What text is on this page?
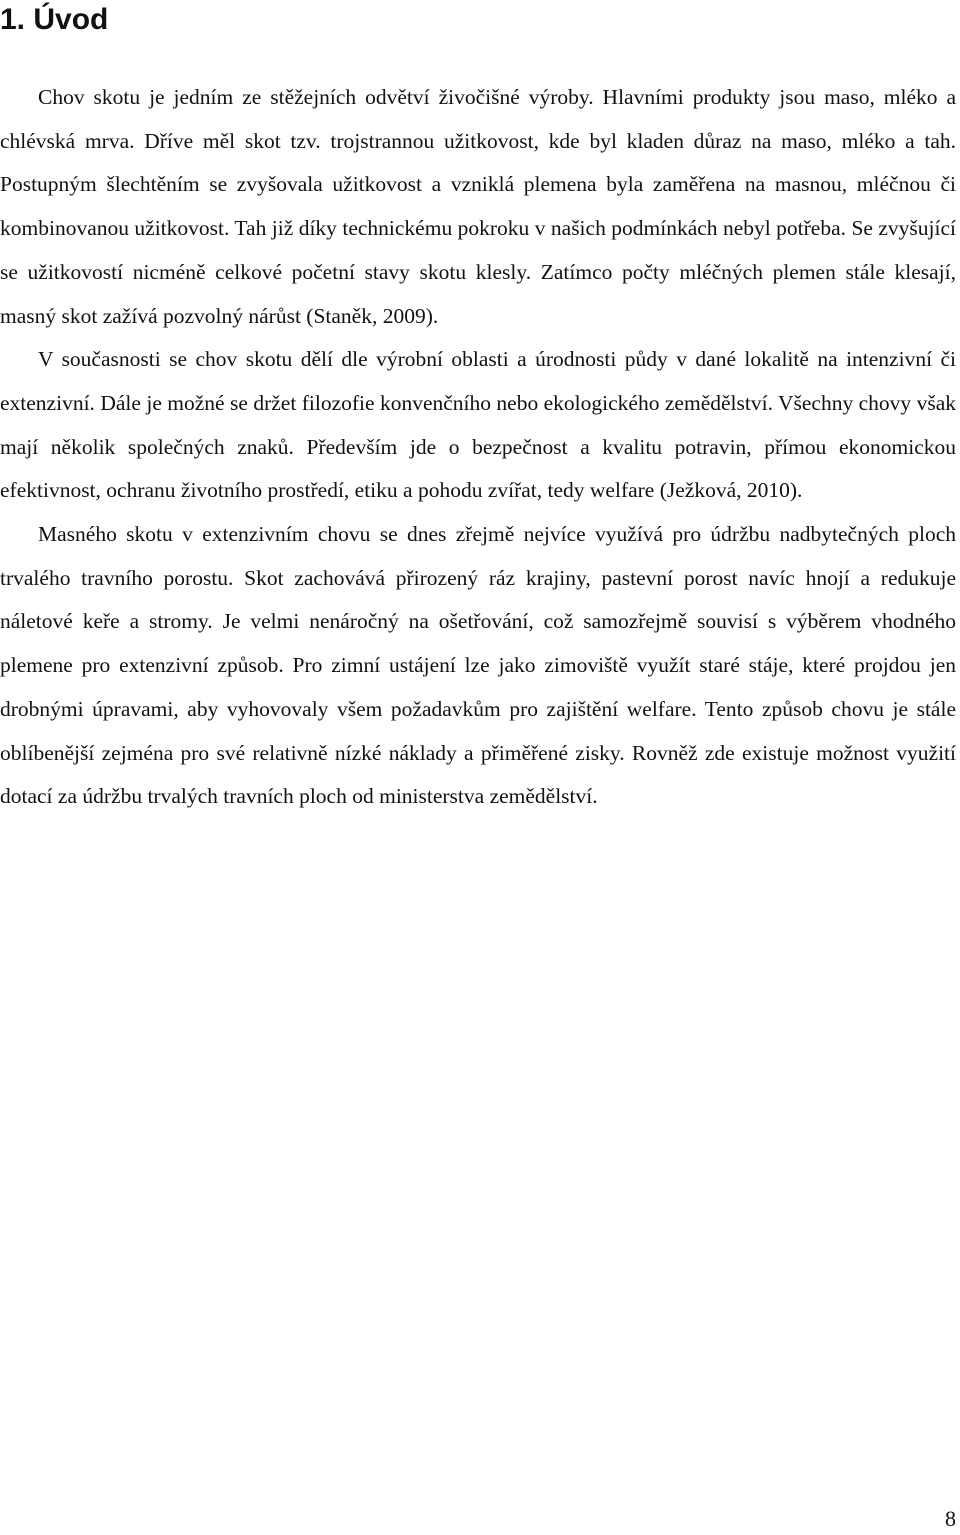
1. Úvod

Chov skotu je jedním ze stěžejních odvětví živočišné výroby. Hlavními produkty jsou maso, mléko a chlévská mrva. Dříve měl skot tzv. trojstrannou užitkovost, kde byl kladen důraz na maso, mléko a tah. Postupným šlechtěním se zvyšovala užitkovost a vzniklá plemena byla zaměřena na masnou, mléčnou či kombinovanou užitkovost. Tah již díky technickému pokroku v našich podmínkách nebyl potřeba. Se zvyšující se užitkovostí nicméně celkové početní stavy skotu klesly. Zatímco počty mléčných plemen stále klesají, masný skot zažívá pozvolný nárůst (Staněk, 2009).

V současnosti se chov skotu dělí dle výrobní oblasti a úrodnosti půdy v dané lokalitě na intenzivní či extenzivní. Dále je možné se držet filozofie konvenčního nebo ekologického zemědělství. Všechny chovy však mají několik společných znaků. Především jde o bezpečnost a kvalitu potravin, přímou ekonomickou efektivnost, ochranu životního prostředí, etiku a pohodu zvířat, tedy welfare (Ježková, 2010).

Masného skotu v extenzivním chovu se dnes zřejmě nejvíce využívá pro údržbu nadbytečných ploch trvalého travního porostu. Skot zachovává přirozený ráz krajiny, pastevní porost navíc hnojí a redukuje náletové keře a stromy. Je velmi nenáročný na ošetřování, což samozřejmě souvisí s výběrem vhodného plemene pro extenzivní způsob. Pro zimní ustájení lze jako zimoviště využít staré stáje, které projdou jen drobnými úpravami, aby vyhovovaly všem požadavkům pro zajištění welfare. Tento způsob chovu je stále oblíbenější zejména pro své relativně nízké náklady a přiměřené zisky. Rovněž zde existuje možnost využití dotací za údržbu trvalých travních ploch od ministerstva zemědělství.

8
